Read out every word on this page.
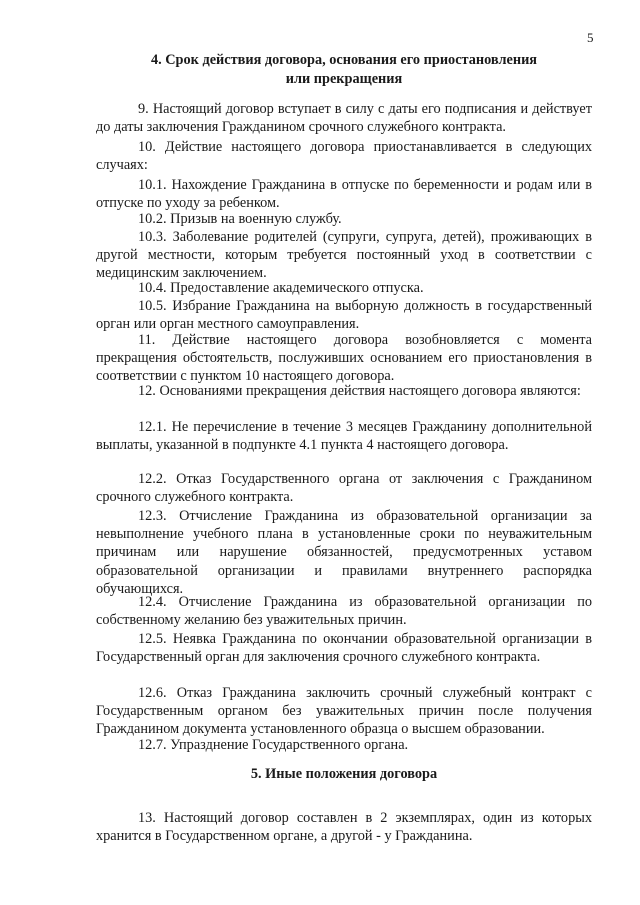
5
4. Срок действия договора, основания его приостановления
или прекращения

9. Настоящий договор вступает в силу с даты его подписания и действует до даты заключения Гражданином срочного служебного контракта.

10. Действие настоящего договора приостанавливается в следующих случаях:

10.1. Нахождение Гражданина в отпуске по беременности и родам или в отпуске по уходу за ребенком.

10.2. Призыв на военную службу.

10.3. Заболевание родителей (супруги, супруга, детей), проживающих в другой местности, которым требуется постоянный уход в соответствии с медицинским заключением.

10.4. Предоставление академического отпуска.

10.5. Избрание Гражданина на выборную должность в государственный орган или орган местного самоуправления.

11. Действие настоящего договора возобновляется с момента прекращения обстоятельств, послуживших основанием его приостановления в соответствии с пунктом 10 настоящего договора.

12. Основаниями прекращения действия настоящего договора являются:

12.1. Не перечисление в течение 3 месяцев Гражданину дополнительной выплаты, указанной в подпункте 4.1 пункта 4 настоящего договора.

12.2. Отказ Государственного органа от заключения с Гражданином срочного служебного контракта.

12.3. Отчисление Гражданина из образовательной организации за невыполнение учебного плана в установленные сроки по неуважительным причинам или нарушение обязанностей, предусмотренных уставом образовательной организации и правилами внутреннего распорядка обучающихся.

12.4. Отчисление Гражданина из образовательной организации по собственному желанию без уважительных причин.

12.5. Неявка Гражданина по окончании образовательной организации в Государственный орган для заключения срочного служебного контракта.

12.6. Отказ Гражданина заключить срочный служебный контракт с Государственным органом без уважительных причин после получения Гражданином документа установленного образца о высшем образовании.

12.7. Упразднение Государственного органа.

5. Иные положения договора

13. Настоящий договор составлен в 2 экземплярах, один из которых хранится в Государственном органе, а другой - у Гражданина.
